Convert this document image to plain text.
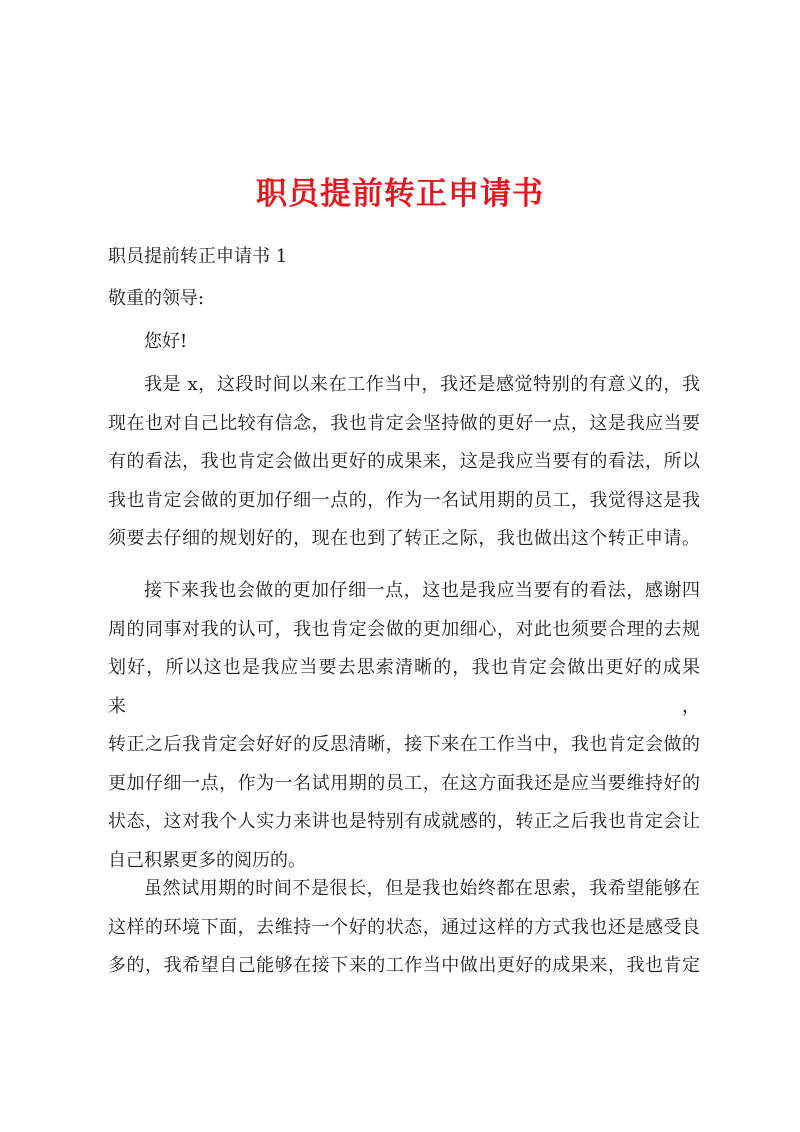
职员提前转正申请书
职员提前转正申请书 1
敬重的领导:
您好!
我是 x，这段时间以来在工作当中，我还是感觉特别的有意义的，我
现在也对自己比较有信念，我也肯定会坚持做的更好一点，这是我应当要
有的看法，我也肯定会做出更好的成果来，这是我应当要有的看法，所以
我也肯定会做的更加仔细一点的，作为一名试用期的员工，我觉得这是我
须要去仔细的规划好的，现在也到了转正之际，我也做出这个转正申请。
接下来我也会做的更加仔细一点，这也是我应当要有的看法，感谢四
周的同事对我的认可，我也肯定会做的更加细心，对此也须要合理的去规
划好，所以这也是我应当要去思索清晰的，我也肯定会做出更好的成果来，
转正之后我肯定会好好的反思清晰，接下来在工作当中，我也肯定会做的
更加仔细一点，作为一名试用期的员工，在这方面我还是应当要维持好的
状态，这对我个人实力来讲也是特别有成就感的，转正之后我也肯定会让
自己积累更多的阅历的。
虽然试用期的时间不是很长，但是我也始终都在思索，我希望能够在
这样的环境下面，去维持一个好的状态，通过这样的方式我也还是感受良
多的，我希望自己能够在接下来的工作当中做出更好的成果来，我也肯定
